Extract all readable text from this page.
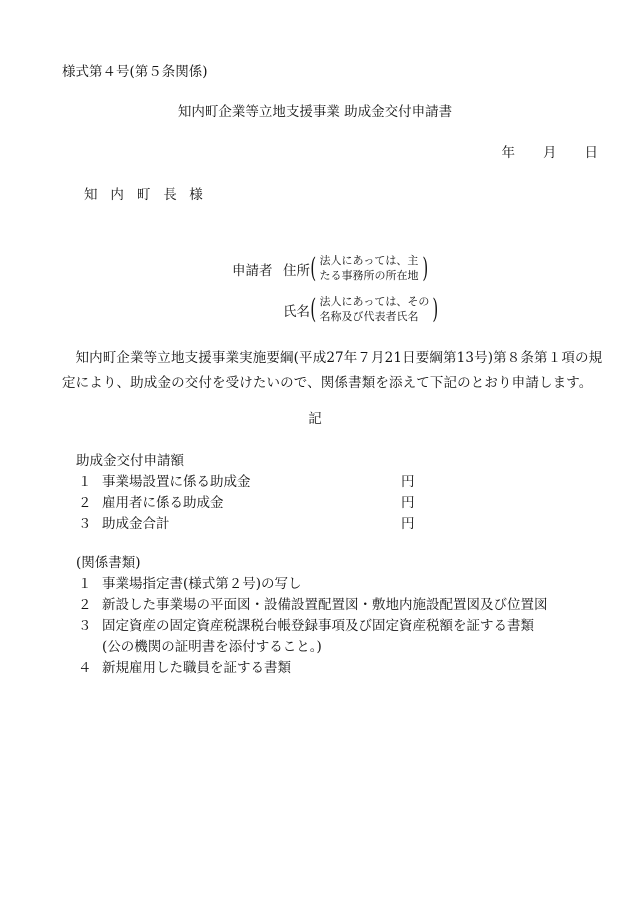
様式第４号(第５条関係)
知内町企業等立地支援事業 助成金交付申請書
年 月 日
知 内 町 長 様
申請者 住所 ( 法人にあっては、主
たる事務所の所在地 )
氏名 ( 法人にあっては、その
名称及び代表者氏名 )
知内町企業等立地支援事業実施要綱(平成27年７月21日要綱第13号)第８条第１項の規定により、助成金の交付を受けたいので、関係書類を添えて下記のとおり申請します。
記
助成金交付申請額
１ 事業場設置に係る助成金	円
２ 雇用者に係る助成金	円
３ 助成金合計	円
(関係書類)
１ 事業場指定書(様式第２号)の写し
２ 新設した事業場の平面図・設備設置配置図・敷地内施設配置図及び位置図
３ 固定資産の固定資産税課税台帳登録事項及び固定資産税額を証する書類
(公の機関の証明書を添付すること。)
４ 新規雇用した職員を証する書類
